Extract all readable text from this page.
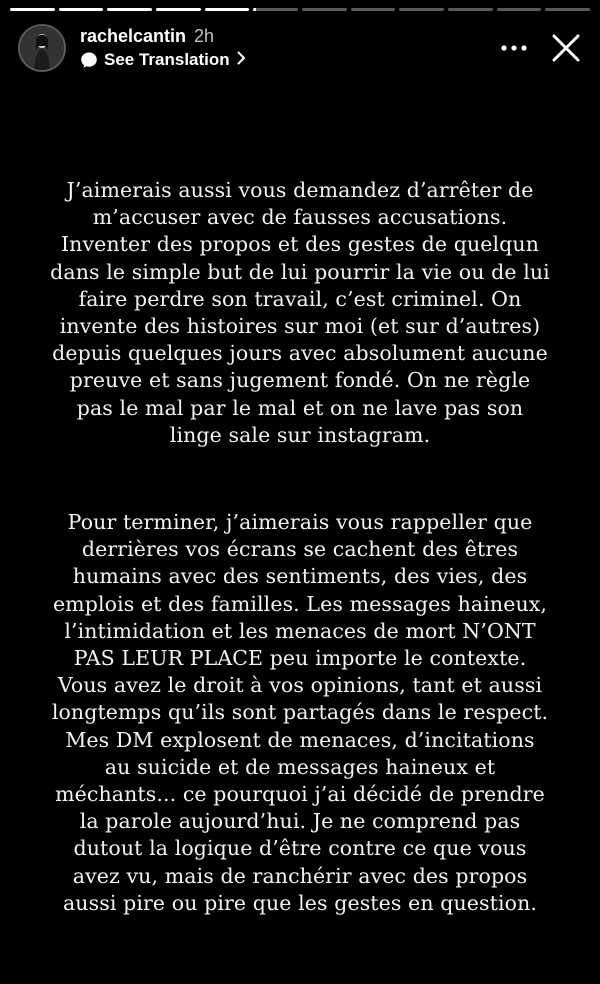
rachelcantin 2h
See Translation
J’aimerais aussi vous demandez d’arrêter de m’accuser avec de fausses accusations. Inventer des propos et des gestes de quelqun dans le simple but de lui pourrir la vie ou de lui faire perdre son travail, c’est criminel. On invente des histoires sur moi (et sur d’autres) depuis quelques jours avec absolument aucune preuve et sans jugement fondé. On ne règle pas le mal par le mal et on ne lave pas son linge sale sur instagram.
Pour terminer, j’aimerais vous rappeller que derrières vos écrans se cachent des êtres humains avec des sentiments, des vies, des emplois et des familles. Les messages haineux, l’intimidation et les menaces de mort N’ONT PAS LEUR PLACE peu importe le contexte. Vous avez le droit à vos opinions, tant et aussi longtemps qu’ils sont partagés dans le respect. Mes DM explosent de menaces, d’incitations au suicide et de messages haineux et méchants... ce pourquoi j’ai décidé de prendre la parole aujourd’hui. Je ne comprend pas dutout la logique d’être contre ce que vous avez vu, mais de ranchérir avec des propos aussi pire ou pire que les gestes en question.
